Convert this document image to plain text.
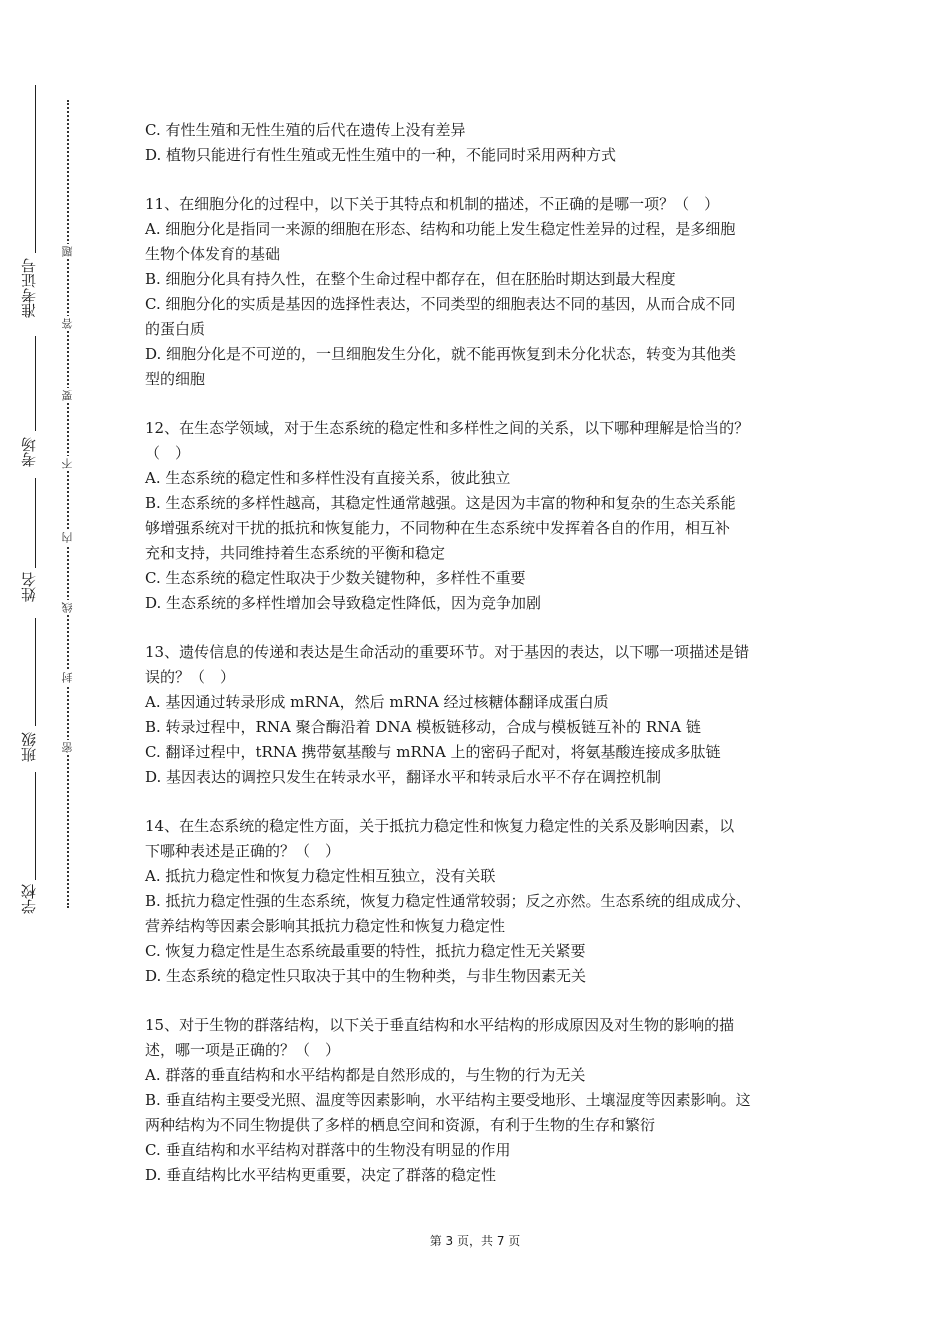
准考证号
考场
姓名
班级
学校
题
答
要
不
内
线
封
密
C. 有性生殖和无性生殖的后代在遗传上没有差异
D. 植物只能进行有性生殖或无性生殖中的一种，不能同时采用两种方式
11、在细胞分化的过程中，以下关于其特点和机制的描述，不正确的是哪一项？（　）
A. 细胞分化是指同一来源的细胞在形态、结构和功能上发生稳定性差异的过程，是多细胞
生物个体发育的基础
B. 细胞分化具有持久性，在整个生命过程中都存在，但在胚胎时期达到最大程度
C. 细胞分化的实质是基因的选择性表达，不同类型的细胞表达不同的基因，从而合成不同
的蛋白质
D. 细胞分化是不可逆的，一旦细胞发生分化，就不能再恢复到未分化状态，转变为其他类
型的细胞
12、在生态学领域，对于生态系统的稳定性和多样性之间的关系，以下哪种理解是恰当的？
（　）
A. 生态系统的稳定性和多样性没有直接关系，彼此独立
B. 生态系统的多样性越高，其稳定性通常越强。这是因为丰富的物种和复杂的生态关系能
够增强系统对干扰的抵抗和恢复能力，不同物种在生态系统中发挥着各自的作用，相互补
充和支持，共同维持着生态系统的平衡和稳定
C. 生态系统的稳定性取决于少数关键物种，多样性不重要
D. 生态系统的多样性增加会导致稳定性降低，因为竞争加剧
13、遗传信息的传递和表达是生命活动的重要环节。对于基因的表达，以下哪一项描述是错
误的？（　）
A. 基因通过转录形成 mRNA，然后 mRNA 经过核糖体翻译成蛋白质
B. 转录过程中，RNA 聚合酶沿着 DNA 模板链移动，合成与模板链互补的 RNA 链
C. 翻译过程中，tRNA 携带氨基酸与 mRNA 上的密码子配对，将氨基酸连接成多肽链
D. 基因表达的调控只发生在转录水平，翻译水平和转录后水平不存在调控机制
14、在生态系统的稳定性方面，关于抵抗力稳定性和恢复力稳定性的关系及影响因素，以
下哪种表述是正确的？（　）
A. 抵抗力稳定性和恢复力稳定性相互独立，没有关联
B. 抵抗力稳定性强的生态系统，恢复力稳定性通常较弱；反之亦然。生态系统的组成成分、
营养结构等因素会影响其抵抗力稳定性和恢复力稳定性
C. 恢复力稳定性是生态系统最重要的特性，抵抗力稳定性无关紧要
D. 生态系统的稳定性只取决于其中的生物种类，与非生物因素无关
15、对于生物的群落结构，以下关于垂直结构和水平结构的形成原因及对生物的影响的描
述，哪一项是正确的？（　）
A. 群落的垂直结构和水平结构都是自然形成的，与生物的行为无关
B. 垂直结构主要受光照、温度等因素影响，水平结构主要受地形、土壤湿度等因素影响。这
两种结构为不同生物提供了多样的栖息空间和资源，有利于生物的生存和繁衍
C. 垂直结构和水平结构对群落中的生物没有明显的作用
D. 垂直结构比水平结构更重要，决定了群落的稳定性
第 3 页，共 7 页
